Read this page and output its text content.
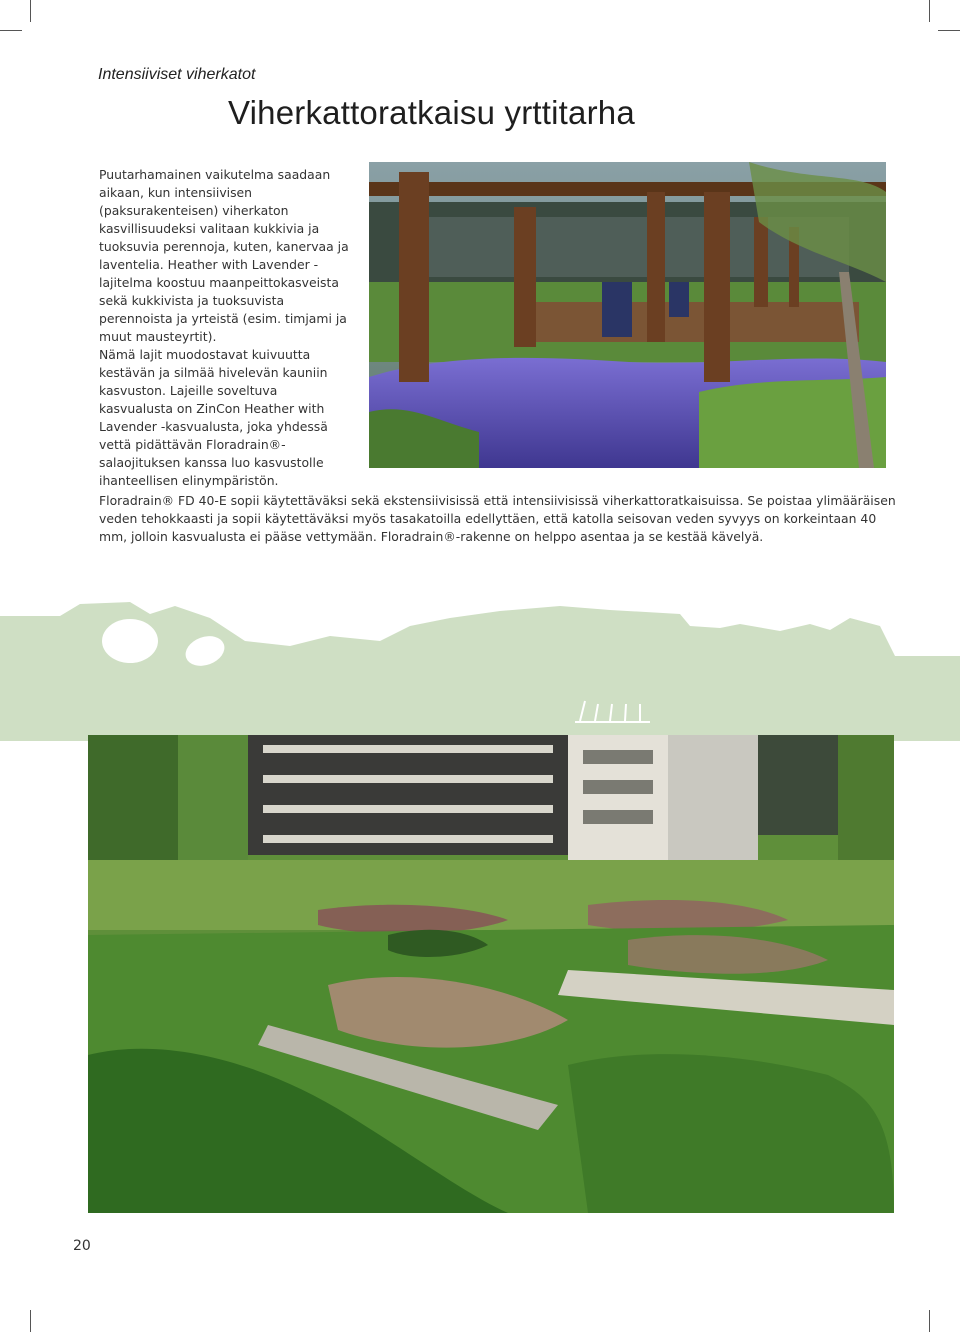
Intensiiviset viherkatot
Viherkattoratkaisu yrttitarha

Puutarhamainen vaikutelma saadaan aikaan, kun intensiivisen (paksurakenteisen) viherkaton kasvillisuudeksi valitaan kukkivia ja tuoksuvia perennoja, kuten, kanervaa ja laventelia. Heather with Lavender -lajitelma koostuu maanpeittokasveista sekä kukkivista ja tuoksuvista perennoista ja yrteistä (esim. timjami ja muut mausteyrtit).

Nämä lajit muodostavat kuivuutta kestävän ja silmää hivelevän kauniin kasvuston. Lajeille soveltuva kasvualusta on ZinCon Heather with Lavender -kasvualusta, joka yhdessä vettä pidättävän Floradrain®-salaojituksen kanssa luo kasvustolle ihanteellisen elinympäristön.

Floradrain® FD 40-E sopii käytettäväksi sekä ekstensiivisissä että intensiivisissä viherkattoratkaisuissa. Se poistaa ylimääräisen veden tehokkaasti ja sopii käytettäväksi myös tasakatoilla edellyttäen, että katolla seisovan veden syvyys on korkeintaan 40 mm, jolloin kasvualusta ei pääse vettymään. Floradrain®-rakenne on helppo asentaa ja se kestää kävelyä.

20
